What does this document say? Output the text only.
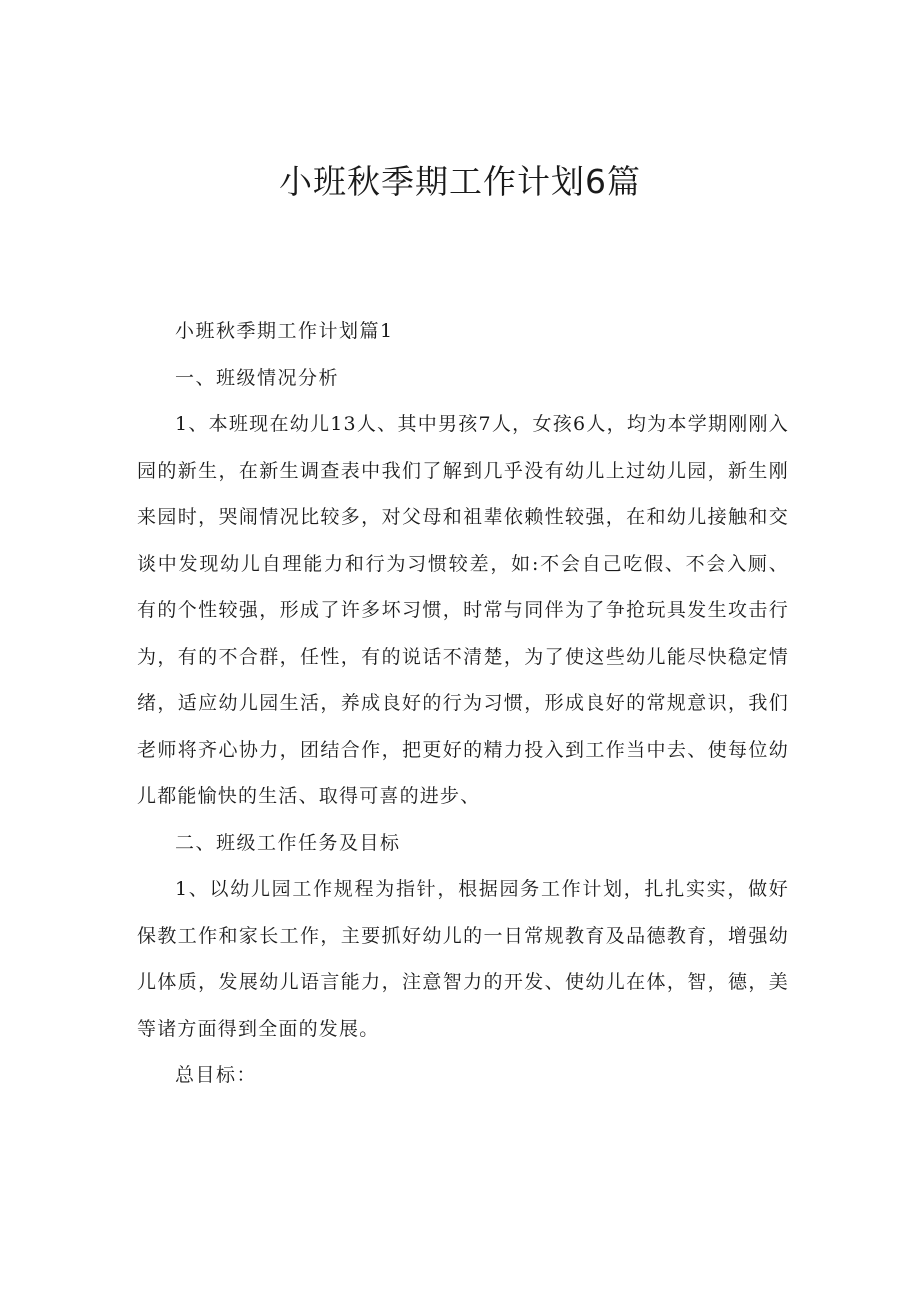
小班秋季期工作计划6篇

小班秋季期工作计划篇1

一、班级情况分析

1、本班现在幼儿13人、其中男孩7人，女孩6人，均为本学期刚刚入园的新生，在新生调查表中我们了解到几乎没有幼儿上过幼儿园，新生刚来园时，哭闹情况比较多，对父母和祖辈依赖性较强，在和幼儿接触和交谈中发现幼儿自理能力和行为习惯较差，如:不会自己吃假、不会入厕、有的个性较强，形成了许多坏习惯，时常与同伴为了争抢玩具发生攻击行为，有的不合群，任性，有的说话不清楚，为了使这些幼儿能尽快稳定情绪，适应幼儿园生活，养成良好的行为习惯，形成良好的常规意识，我们老师将齐心协力，团结合作，把更好的精力投入到工作当中去、使每位幼儿都能愉快的生活、取得可喜的进步、

二、班级工作任务及目标

1、以幼儿园工作规程为指针，根据园务工作计划，扎扎实实，做好保教工作和家长工作，主要抓好幼儿的一日常规教育及品德教育，增强幼儿体质，发展幼儿语言能力，注意智力的开发、使幼儿在体，智，德，美等诸方面得到全面的发展。

总目标：
